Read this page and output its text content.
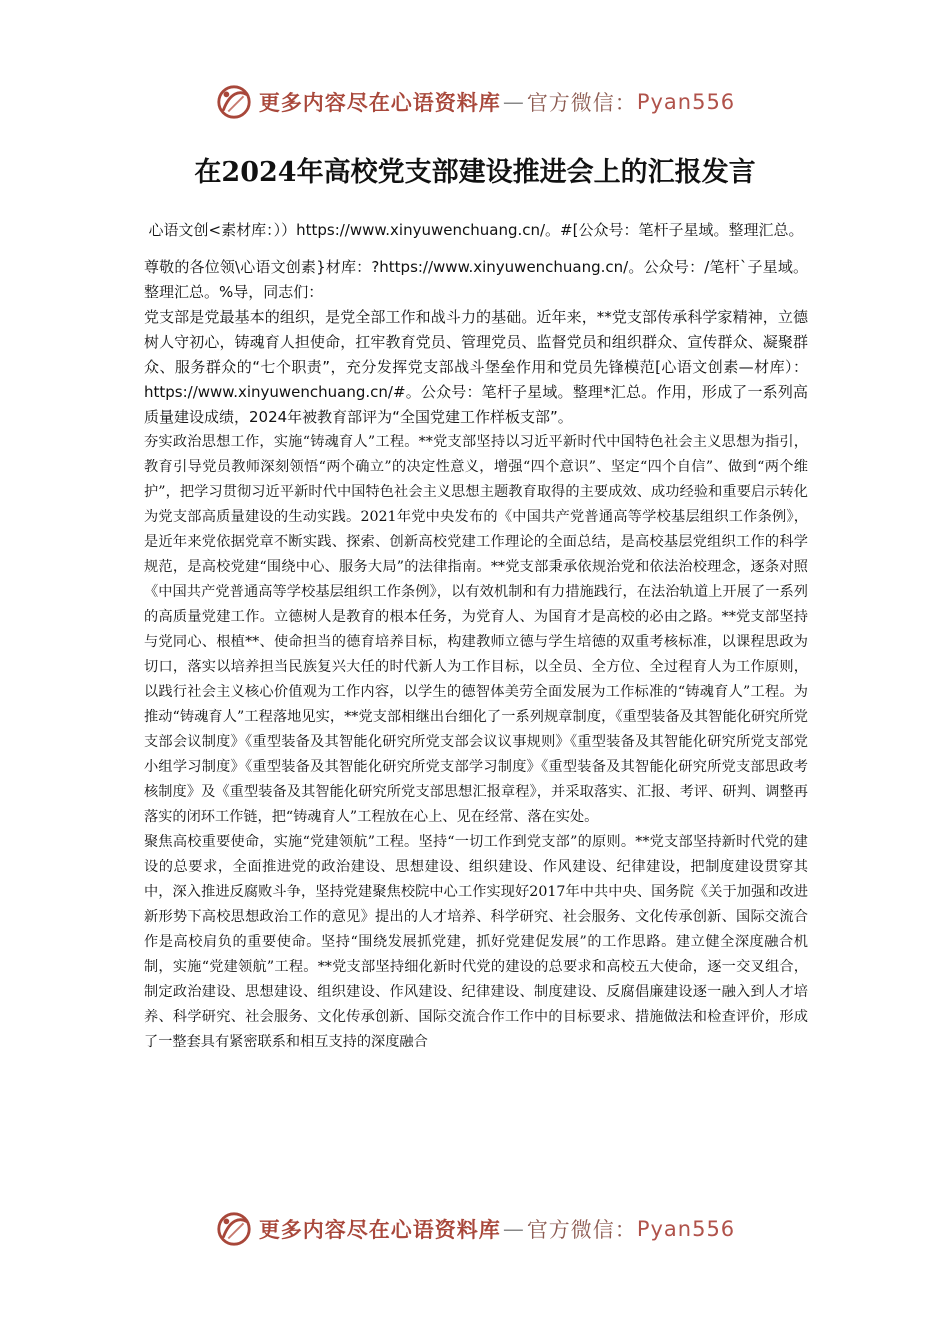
更多内容尽在心语资料库 — 官方微信： Pyan556
在2024年高校党支部建设推进会上的汇报发言

心语文创<素材库：））https://www.xinyuwenchuang.cn/。#[公众号：笔杆子星域。整理汇总。

尊敬的各位领\心语文创素}材库：?https://www.xinyuwenchuang.cn/。公众号：/笔杆`子星域。整理汇总。%导，同志们：

党支部是党最基本的组织，是党全部工作和战斗力的基础。近年来，**党支部传承科学家精神，立德树人守初心，铸魂育人担使命，扛牢教育党员、管理党员、监督党员和组织群众、宣传群众、凝聚群众、服务群众的“七个职责”，充分发挥党支部战斗堡垒作用和党员先锋模范[心语文创素—材库）：https://www.xinyuwenchuang.cn/#。公众号：笔杆子星域。整理*汇总。作用，形成了一系列高质量建设成绩，2024年被教育部评为“全国党建工作样板支部”。

夯实政治思想工作，实施“铸魂育人”工程。**党支部坚持以习近平新时代中国特色社会主义思想为指引，教育引导党员教师深刻领悟“两个确立”的决定性意义，增强“四个意识”、坚定“四个自信”、做到“两个维护”，把学习贯彻习近平新时代中国特色社会主义思想主题教育取得的主要成效、成功经验和重要启示转化为党支部高质量建设的生动实践。2021年党中央发布的《中国共产党普通高等学校基层组织工作条例》，是近年来党依据党章不断实践、探索、创新高校党建工作理论的全面总结，是高校基层党组织工作的科学规范，是高校党建“围绕中心、服务大局”的法律指南。**党支部秉承依规治党和依法治校理念，逐条对照《中国共产党普通高等学校基层组织工作条例》，以有效机制和有力措施践行，在法治轨道上开展了一系列的高质量党建工作。立德树人是教育的根本任务，为党育人、为国育才是高校的必由之路。**党支部坚持与党同心、根植**、使命担当的德育培养目标，构建教师立德与学生培德的双重考核标准，以课程思政为切口，落实以培养担当民族复兴大任的时代新人为工作目标，以全员、全方位、全过程育人为工作原则，以践行社会主义核心价值观为工作内容，以学生的德智体美劳全面发展为工作标准的“铸魂育人”工程。为推动“铸魂育人”工程落地见实，**党支部相继出台细化了一系列规章制度，《重型装备及其智能化研究所党支部会议制度》《重型装备及其智能化研究所党支部会议议事规则》《重型装备及其智能化研究所党支部党小组学习制度》《重型装备及其智能化研究所党支部学习制度》《重型装备及其智能化研究所党支部思政考核制度》及《重型装备及其智能化研究所党支部思想汇报章程》，并采取落实、汇报、考评、研判、调整再落实的闭环工作链，把“铸魂育人”工程放在心上、见在经常、落在实处。

聚焦高校重要使命，实施“党建领航”工程。坚持“一切工作到党支部”的原则。**党支部坚持新时代党的建设的总要求，全面推进党的政治建设、思想建设、组织建设、作风建设、纪律建设，把制度建设贯穿其中，深入推进反腐败斗争，坚持党建聚焦校院中心工作实现好2017年中共中央、国务院《关于加强和改进新形势下高校思想政治工作的意见》提出的人才培养、科学研究、社会服务、文化传承创新、国际交流合作是高校肩负的重要使命。坚持“围绕发展抓党建，抓好党建促发展”的工作思路。建立健全深度融合机制，实施“党建领航”工程。**党支部坚持细化新时代党的建设的总要求和高校五大使命，逐一交叉组合，制定政治建设、思想建设、组织建设、作风建设、纪律建设、制度建设、反腐倡廉建设逐一融入到人才培养、科学研究、社会服务、文化传承创新、国际交流合作工作中的目标要求、措施做法和检查评价，形成了一整套具有紧密联系和相互支持的深度融合

更多内容尽在心语资料库 — 官方微信： Pyan556
